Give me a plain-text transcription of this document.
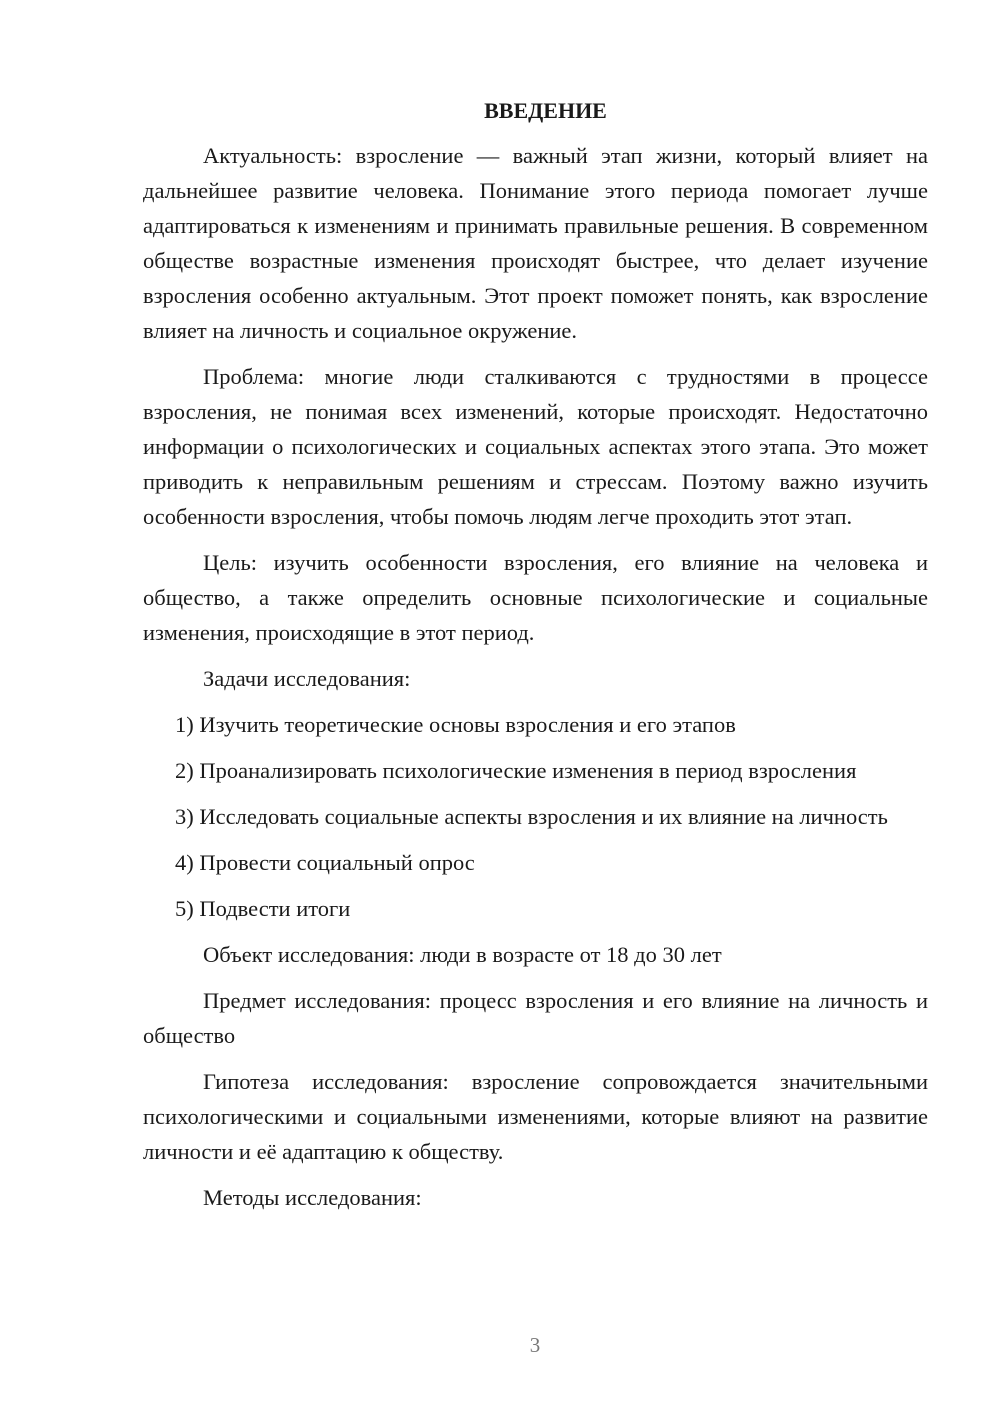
ВВЕДЕНИЕ

Актуальность: взросление — важный этап жизни, который влияет на дальнейшее развитие человека. Понимание этого периода помогает лучше адаптироваться к изменениям и принимать правильные решения. В современном обществе возрастные изменения происходят быстрее, что делает изучение взросления особенно актуальным. Этот проект поможет понять, как взросление влияет на личность и социальное окружение.

Проблема: многие люди сталкиваются с трудностями в процессе взросления, не понимая всех изменений, которые происходят. Недостаточно информации о психологических и социальных аспектах этого этапа. Это может приводить к неправильным решениям и стрессам. Поэтому важно изучить особенности взросления, чтобы помочь людям легче проходить этот этап.

Цель: изучить особенности взросления, его влияние на человека и общество, а также определить основные психологические и социальные изменения, происходящие в этот период.

Задачи исследования:

1) Изучить теоретические основы взросления и его этапов

2) Проанализировать психологические изменения в период взросления

3) Исследовать социальные аспекты взросления и их влияние на личность

4) Провести социальный опрос

5) Подвести итоги

Объект исследования: люди в возрасте от 18 до 30 лет

Предмет исследования: процесс взросления и его влияние на личность и общество

Гипотеза исследования: взросление сопровождается значительными психологическими и социальными изменениями, которые влияют на развитие личности и её адаптацию к обществу.

Методы исследования:

3
